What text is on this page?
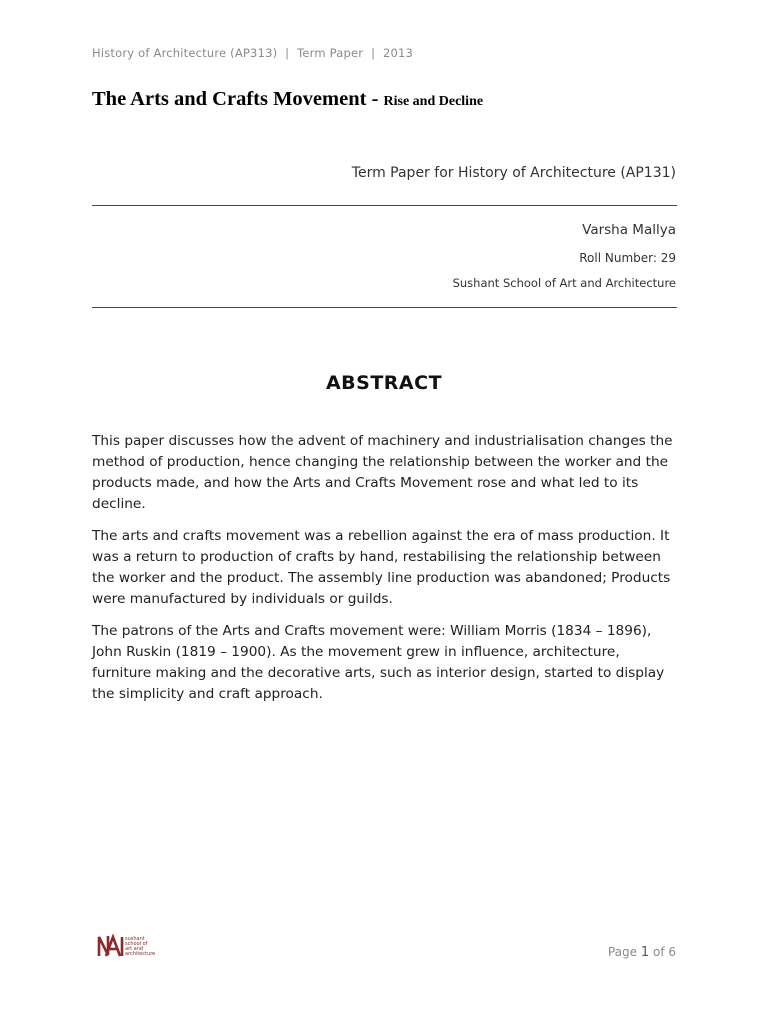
History of Architecture (AP313) | Term Paper | 2013
The Arts and Crafts Movement - Rise and Decline
Term Paper for History of Architecture (AP131)
Varsha Mallya
Roll Number: 29
Sushant School of Art and Architecture
ABSTRACT

This paper discusses how the advent of machinery and industrialisation changes the method of production, hence changing the relationship between the worker and the products made, and how the Arts and Crafts Movement rose and what led to its decline.

The arts and crafts movement was a rebellion against the era of mass production. It was a return to production of crafts by hand, restabilising the relationship between the worker and the product. The assembly line production was abandoned; Products were manufactured by individuals or guilds.

The patrons of the Arts and Crafts movement were: William Morris (1834 – 1896), John Ruskin (1819 – 1900). As the movement grew in influence, architecture, furniture making and the decorative arts, such as interior design, started to display the simplicity and craft approach.

sushant
school of
art and
architecture	Page 1 of 6
